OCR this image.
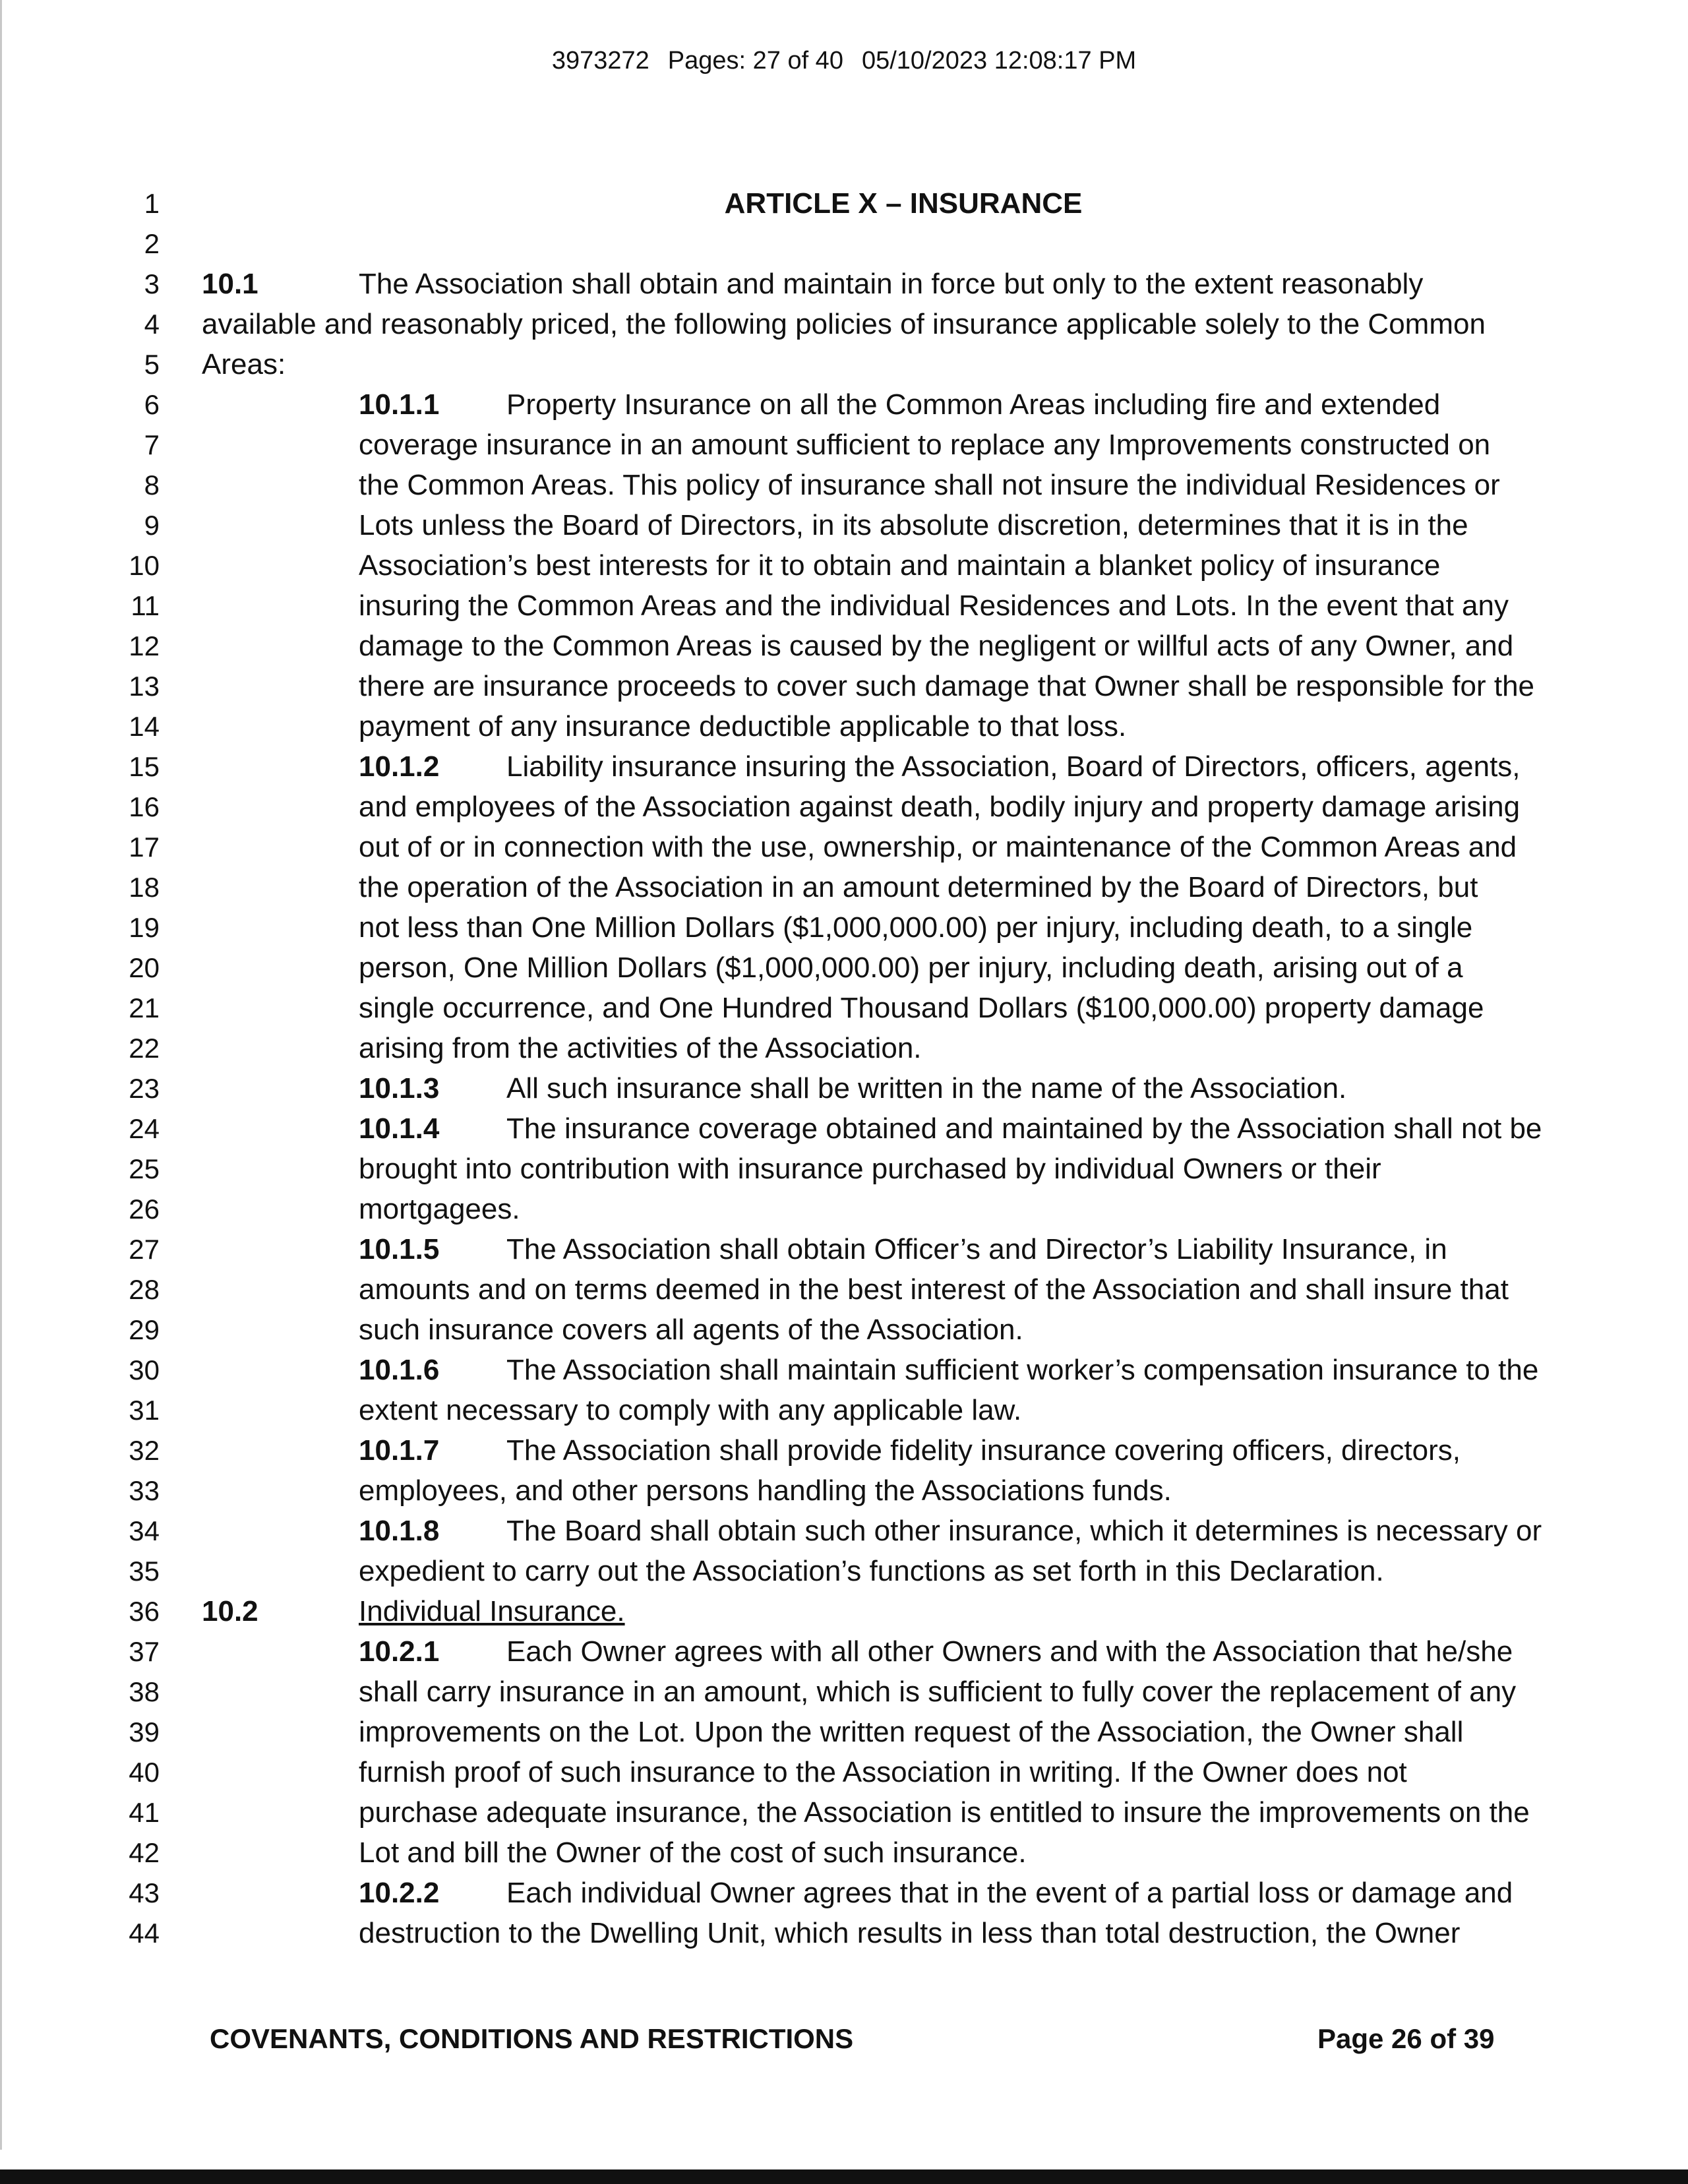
3973272 Pages: 27 of 40 05/10/2023 12:08:17 PM
1	ARTICLE X – INSURANCE
2
3 10.1	The Association shall obtain and maintain in force but only to the extent reasonably
4 available and reasonably priced, the following policies of insurance applicable solely to the Common
5 Areas:
6	10.1.1 Property Insurance on all the Common Areas including fire and extended
7	coverage insurance in an amount sufficient to replace any Improvements constructed on
8	the Common Areas. This policy of insurance shall not insure the individual Residences or
9	Lots unless the Board of Directors, in its absolute discretion, determines that it is in the
10	Association’s best interests for it to obtain and maintain a blanket policy of insurance
11	insuring the Common Areas and the individual Residences and Lots. In the event that any
12	damage to the Common Areas is caused by the negligent or willful acts of any Owner, and
13	there are insurance proceeds to cover such damage that Owner shall be responsible for the
14	payment of any insurance deductible applicable to that loss.
15	10.1.2 Liability insurance insuring the Association, Board of Directors, officers, agents,
16	and employees of the Association against death, bodily injury and property damage arising
17	out of or in connection with the use, ownership, or maintenance of the Common Areas and
18	the operation of the Association in an amount determined by the Board of Directors, but
19	not less than One Million Dollars ($1,000,000.00) per injury, including death, to a single
20	person, One Million Dollars ($1,000,000.00) per injury, including death, arising out of a
21	single occurrence, and One Hundred Thousand Dollars ($100,000.00) property damage
22	arising from the activities of the Association.
23	10.1.3 All such insurance shall be written in the name of the Association.
24	10.1.4 The insurance coverage obtained and maintained by the Association shall not be
25	brought into contribution with insurance purchased by individual Owners or their
26	mortgagees.
27	10.1.5 The Association shall obtain Officer’s and Director’s Liability Insurance, in
28	amounts and on terms deemed in the best interest of the Association and shall insure that
29	such insurance covers all agents of the Association.
30	10.1.6 The Association shall maintain sufficient worker’s compensation insurance to the
31	extent necessary to comply with any applicable law.
32	10.1.7 The Association shall provide fidelity insurance covering officers, directors,
33	employees, and other persons handling the Associations funds.
34	10.1.8 The Board shall obtain such other insurance, which it determines is necessary or
35	expedient to carry out the Association’s functions as set forth in this Declaration.
36 10.2	Individual Insurance.
37	10.2.1 Each Owner agrees with all other Owners and with the Association that he/she
38	shall carry insurance in an amount, which is sufficient to fully cover the replacement of any
39	improvements on the Lot. Upon the written request of the Association, the Owner shall
40	furnish proof of such insurance to the Association in writing. If the Owner does not
41	purchase adequate insurance, the Association is entitled to insure the improvements on the
42	Lot and bill the Owner of the cost of such insurance.
43	10.2.2 Each individual Owner agrees that in the event of a partial loss or damage and
44	destruction to the Dwelling Unit, which results in less than total destruction, the Owner
COVENANTS, CONDITIONS AND RESTRICTIONS	Page 26 of 39
